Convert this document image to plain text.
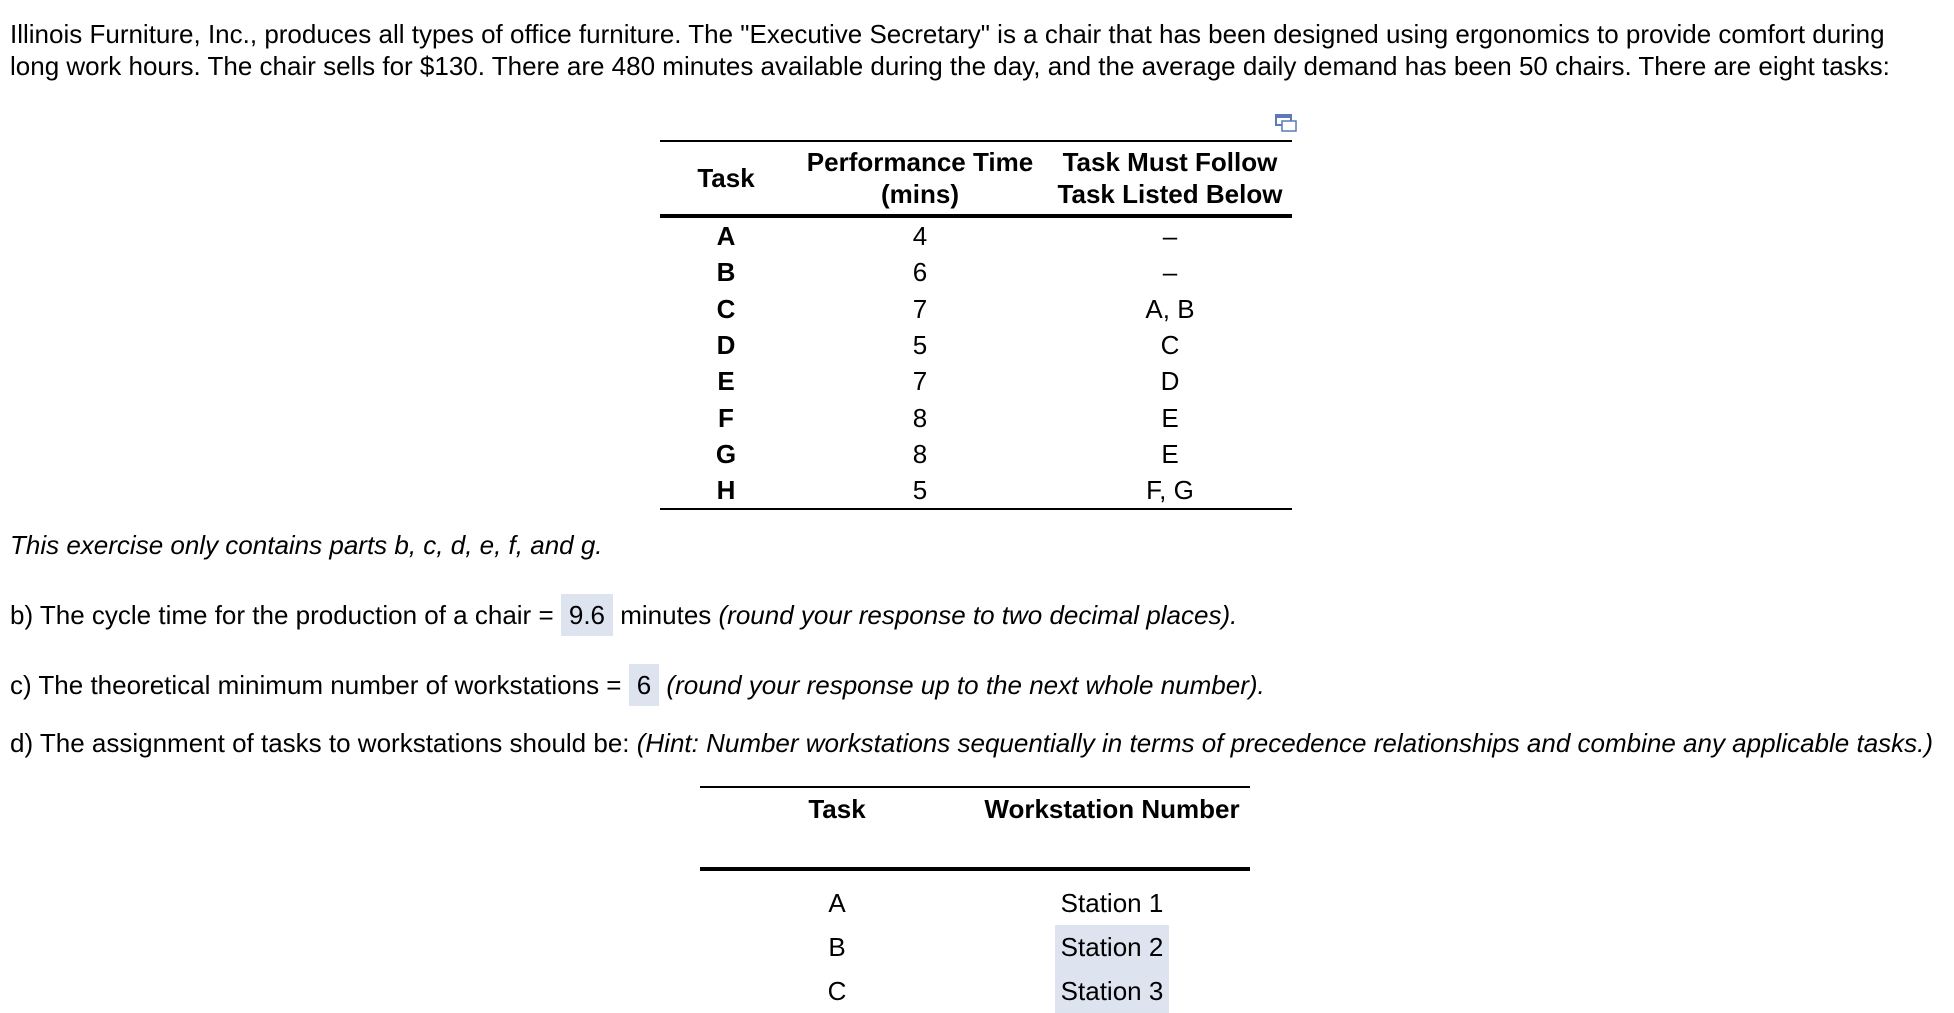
Illinois Furniture, Inc., produces all types of office furniture. The "Executive Secretary" is a chair that has been designed using ergonomics to provide comfort during long work hours. The chair sells for $130. There are 480 minutes available during the day, and the average daily demand has been 50 chairs. There are eight tasks:

Task	Performance Time (mins)	Task Must Follow Task Listed Below
A	4	–
B	6	–
C	7	A, B
D	5	C
E	7	D
F	8	E
G	8	E
H	5	F, G

This exercise only contains parts b, c, d, e, f, and g.

b) The cycle time for the production of a chair = 9.6 minutes (round your response to two decimal places).

c) The theoretical minimum number of workstations = 6 (round your response up to the next whole number).

d) The assignment of tasks to workstations should be: (Hint: Number workstations sequentially in terms of precedence relationships and combine any applicable tasks.)

Task	Workstation Number
A	Station 1
B	Station 2
C	Station 3
